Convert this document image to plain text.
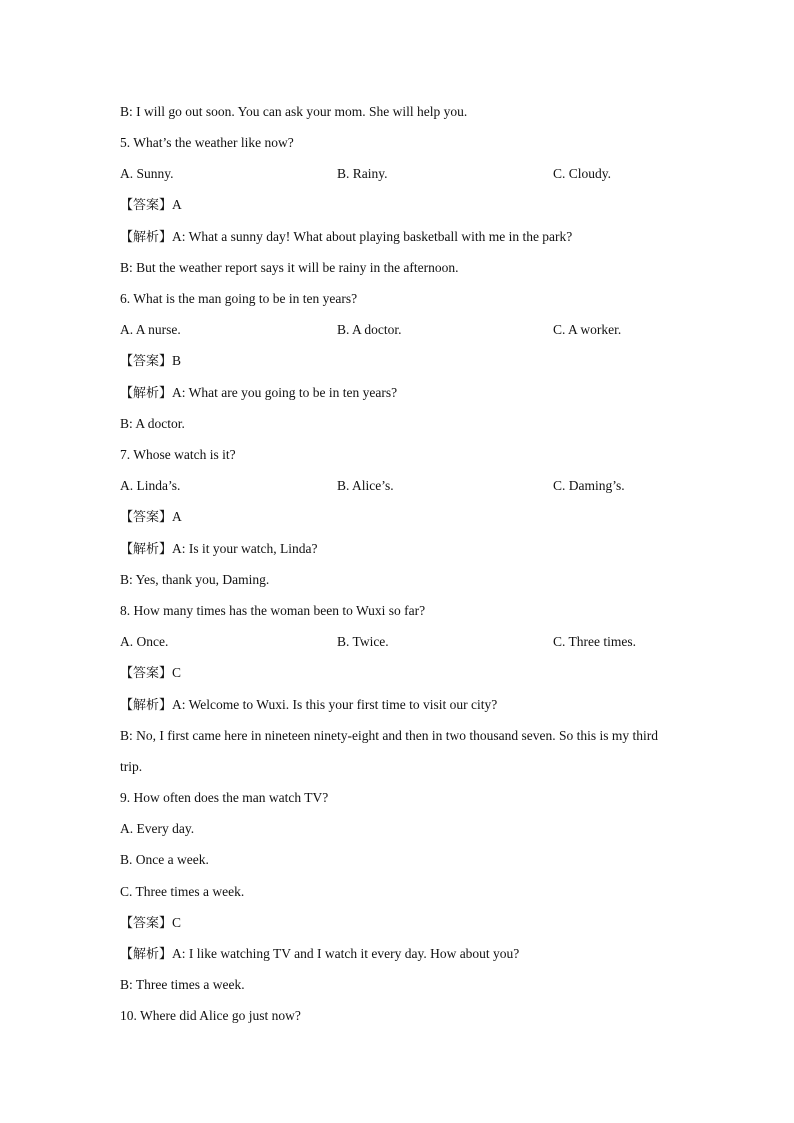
B: I will go out soon. You can ask your mom. She will help you.
5. What’s the weather like now?
A. Sunny.	B. Rainy.	C. Cloudy.
【答案】A
【解析】A: What a sunny day! What about playing basketball with me in the park?
B: But the weather report says it will be rainy in the afternoon.
6. What is the man going to be in ten years?
A. A nurse.	B. A doctor.	C. A worker.
【答案】B
【解析】A: What are you going to be in ten years?
B: A doctor.
7. Whose watch is it?
A. Linda’s.	B. Alice’s.	C. Daming’s.
【答案】A
【解析】A: Is it your watch, Linda?
B: Yes, thank you, Daming.
8. How many times has the woman been to Wuxi so far?
A. Once.	B. Twice.	C. Three times.
【答案】C
【解析】A: Welcome to Wuxi. Is this your first time to visit our city?
B: No, I first came here in nineteen ninety-eight and then in two thousand seven. So this is my third
trip.
9. How often does the man watch TV?
A. Every day.
B. Once a week.
C. Three times a week.
【答案】C
【解析】A: I like watching TV and I watch it every day. How about you?
B: Three times a week.
10. Where did Alice go just now?
